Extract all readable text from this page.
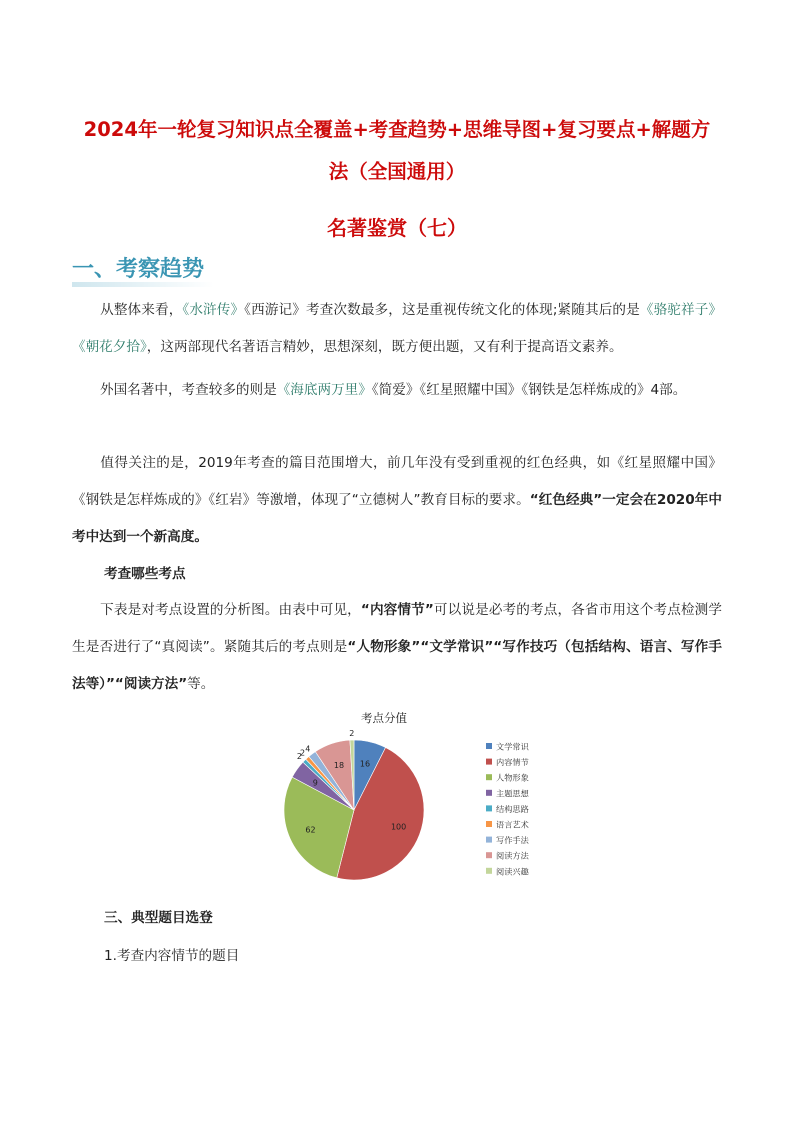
2024年一轮复习知识点全覆盖+考查趋势+思维导图+复习要点+解题方
法（全国通用）
名著鉴赏（七）
一、考察趋势

从整体来看，《水浒传》《西游记》考查次数最多，这是重视传统文化的体现;紧随其后的是《骆驼祥子》《朝花夕拾》，这两部现代名著语言精妙，思想深刻，既方便出题，又有利于提高语文素养。

外国名著中，考查较多的则是《海底两万里》《简爱》《红星照耀中国》《钢铁是怎样炼成的》4部。

值得关注的是，2019年考查的篇目范围增大，前几年没有受到重视的红色经典，如《红星照耀中国》《钢铁是怎样炼成的》《红岩》等激增，体现了“立德树人”教育目标的要求。“红色经典”一定会在2020年中考中达到一个新高度。

考查哪些考点

下表是对考点设置的分析图。由表中可见，“内容情节”可以说是必考的考点，各省市用这个考点检测学生是否进行了“真阅读”。紧随其后的考点则是“人物形象”“文学常识”“写作技巧（包括结构、语言、写作手法等）”“阅读方法”等。

考点分值
16
100
62
9
2
2 4
18
2
文学常识
内容情节
人物形象
主题思想
结构思路
语言艺术
写作手法
阅读方法
阅读兴趣
三、典型题目选登
1.考查内容情节的题目
